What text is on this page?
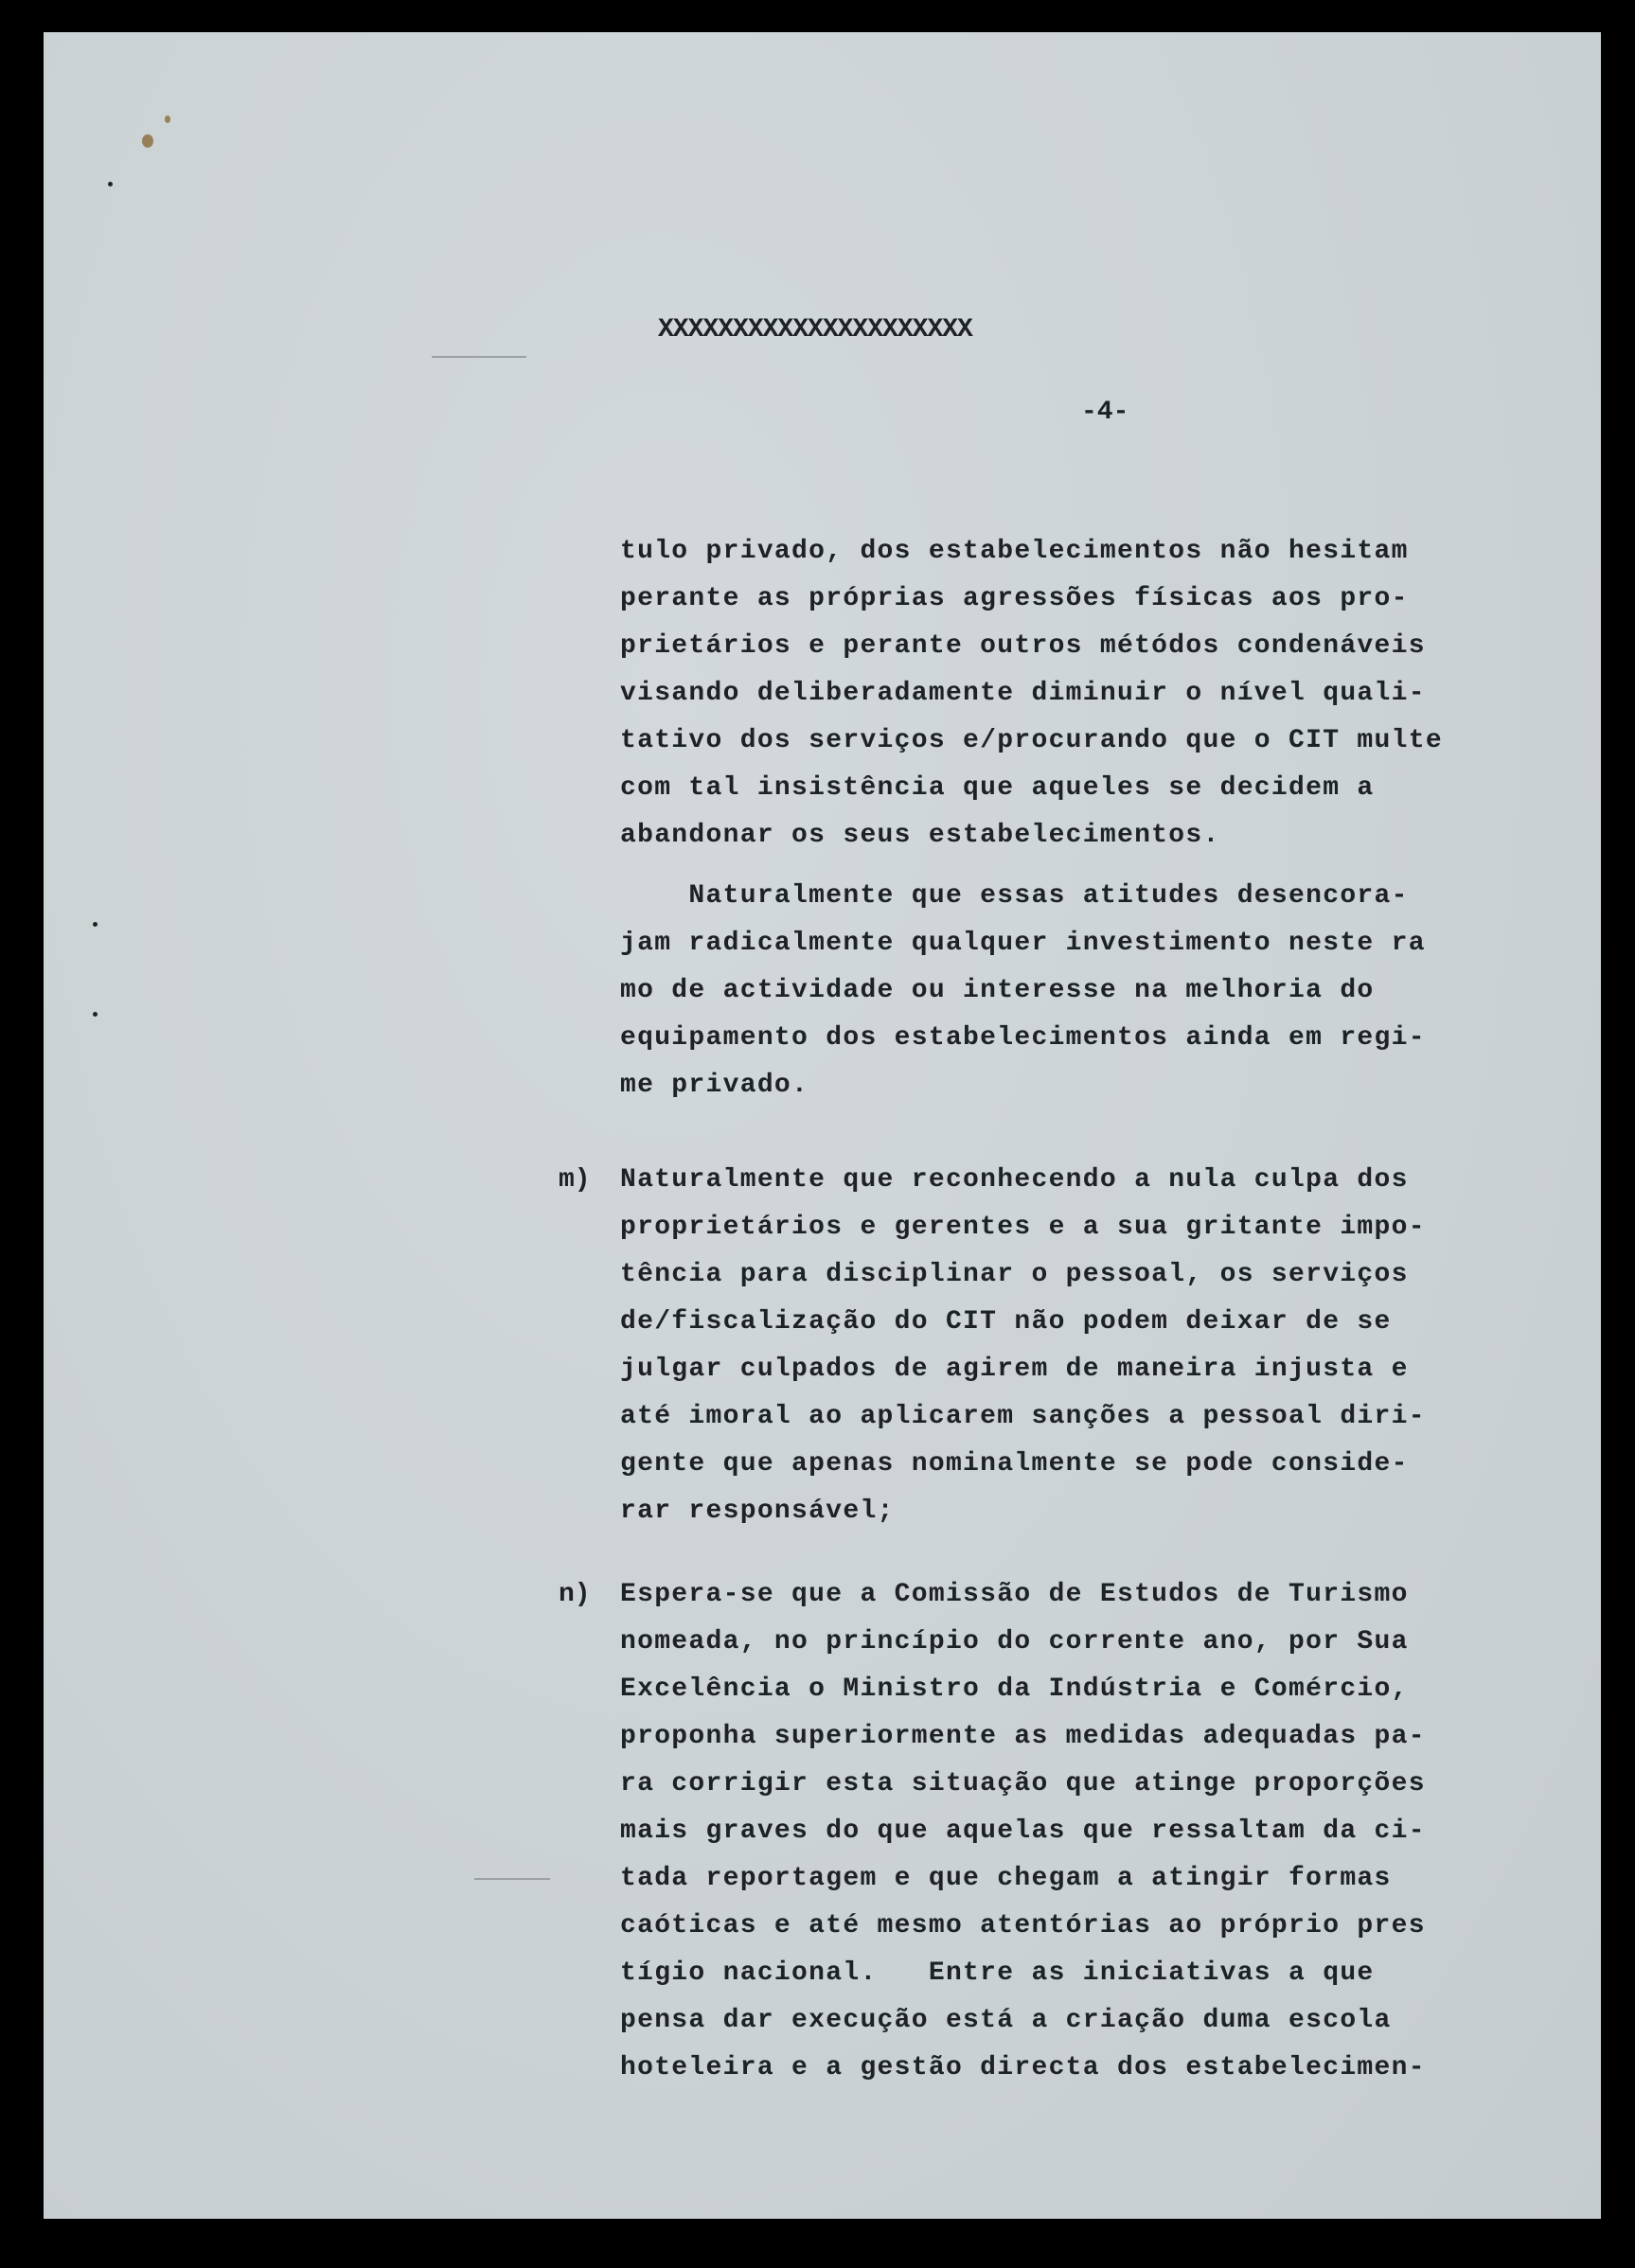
XXXXXXXXXXXXXXXXXXXXX
-4-
tulo privado, dos estabelecimentos não hesitam
perante as próprias agressões físicas aos pro-
prietários e perante outros métódos condenáveis
visando deliberadamente diminuir o nível quali-
tativo dos serviços e/procurando que o CIT multe
com tal insistência que aqueles se decidem a
abandonar os seus estabelecimentos.
Naturalmente que essas atitudes desencora-
jam radicalmente qualquer investimento neste ra
mo de actividade ou interesse na melhoria do
equipamento dos estabelecimentos ainda em regi-
me privado.
m) Naturalmente que reconhecendo a nula culpa dos
proprietários e gerentes e a sua gritante impo-
tência para disciplinar o pessoal, os serviços
de/fiscalização do CIT não podem deixar de se
julgar culpados de agirem de maneira injusta e
até imoral ao aplicarem sanções a pessoal diri-
gente que apenas nominalmente se pode conside-
rar responsável;
n) Espera-se que a Comissão de Estudos de Turismo
nomeada, no princípio do corrente ano, por Sua
Excelência o Ministro da Indústria e Comércio,
proponha superiormente as medidas adequadas pa-
ra corrigir esta situação que atinge proporções
mais graves do que aquelas que ressaltam da ci-
tada reportagem e que chegam a atingir formas
caóticas e até mesmo atentórias ao próprio pres
tígio nacional.   Entre as iniciativas a que
pensa dar execução está a criação duma escola
hoteleira e a gestão directa dos estabelecimen-
